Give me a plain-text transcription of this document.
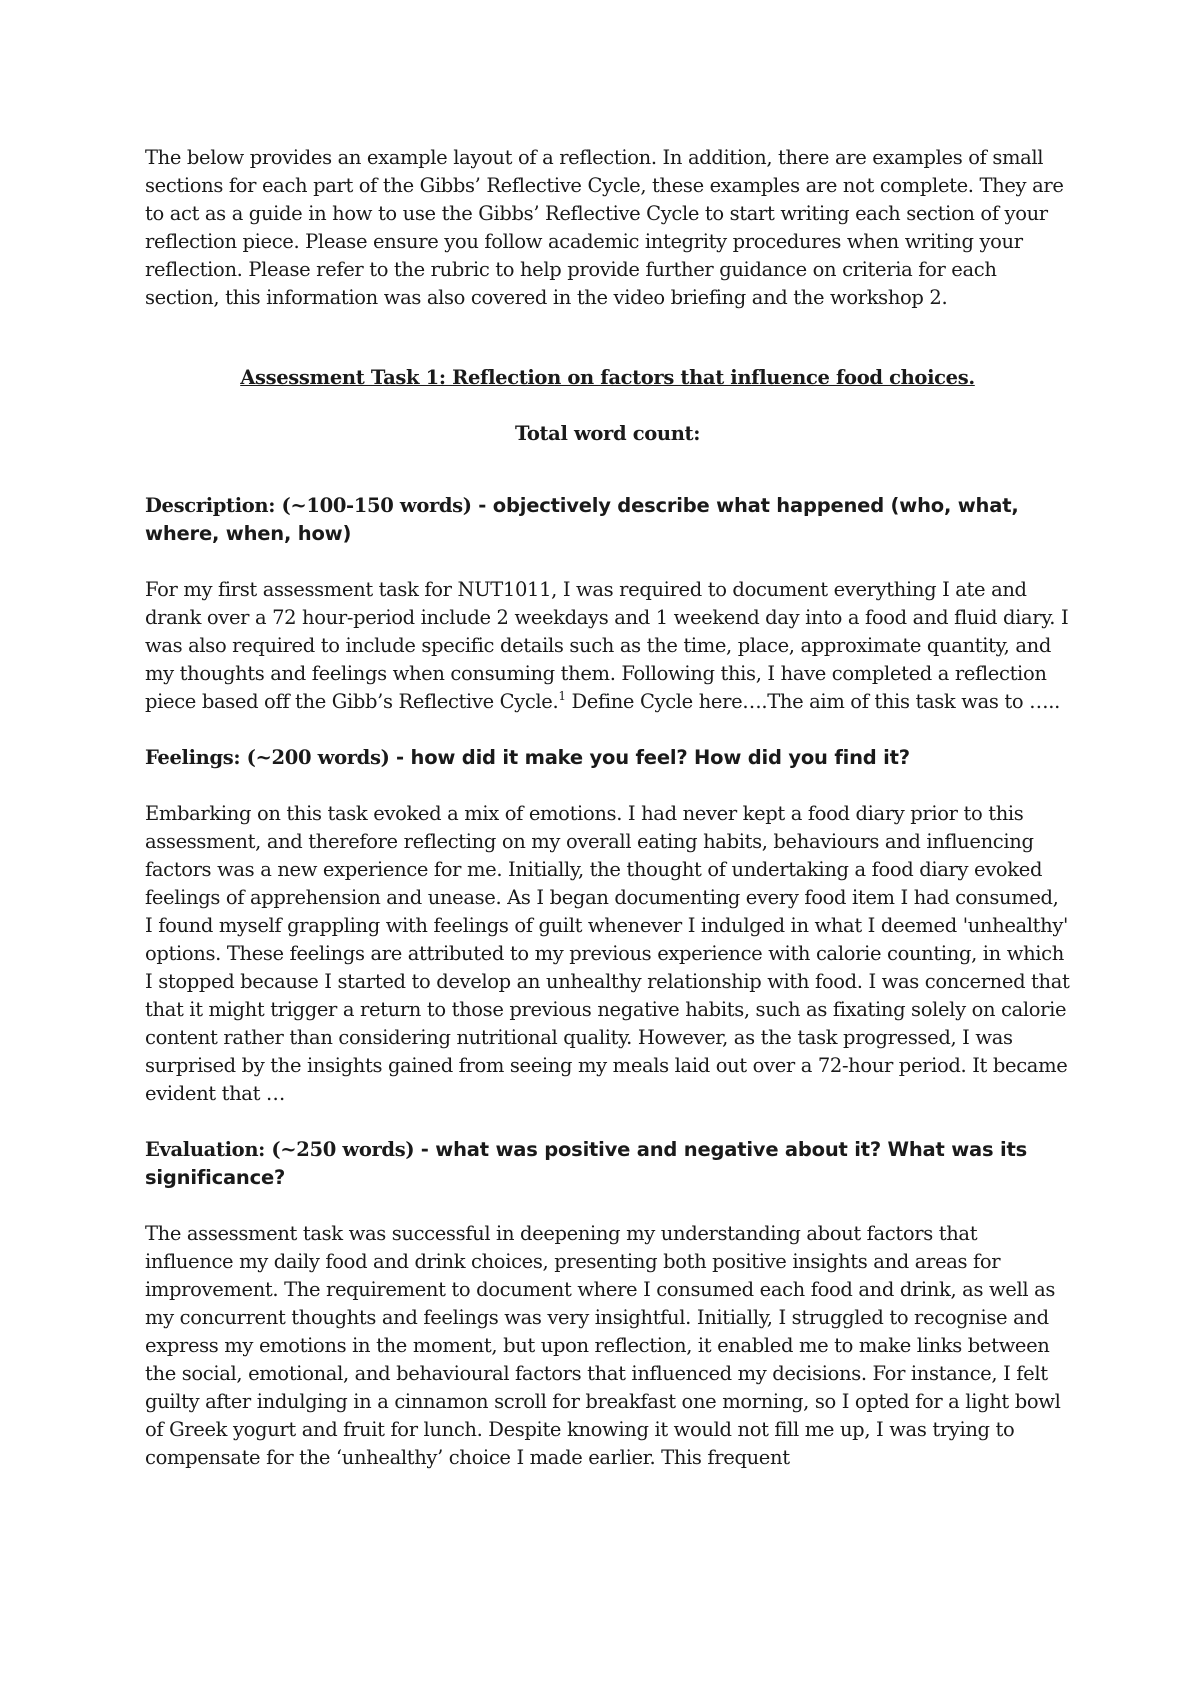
The below provides an example layout of a reflection. In addition, there are examples of small sections for each part of the Gibbs’ Reflective Cycle, these examples are not complete. They are to act as a guide in how to use the Gibbs’ Reflective Cycle to start writing each section of your reflection piece. Please ensure you follow academic integrity procedures when writing your reflection. Please refer to the rubric to help provide further guidance on criteria for each section, this information was also covered in the video briefing and the workshop 2.

Assessment Task 1: Reflection on factors that influence food choices.

Total word count:

Description: (~100-150 words) - objectively describe what happened (who, what, where, when, how)

For my first assessment task for NUT1011, I was required to document everything I ate and drank over a 72 hour-period include 2 weekdays and 1 weekend day into a food and fluid diary. I was also required to include specific details such as the time, place, approximate quantity, and my thoughts and feelings when consuming them. Following this, I have completed a reflection piece based off the Gibb’s Reflective Cycle.$^1$ Define Cycle here….The aim of this task was to …..

Feelings: (~200 words) - how did it make you feel? How did you find it?

Embarking on this task evoked a mix of emotions. I had never kept a food diary prior to this assessment, and therefore reflecting on my overall eating habits, behaviours and influencing factors was a new experience for me. Initially, the thought of undertaking a food diary evoked feelings of apprehension and unease. As I began documenting every food item I had consumed, I found myself grappling with feelings of guilt whenever I indulged in what I deemed 'unhealthy' options. These feelings are attributed to my previous experience with calorie counting, in which I stopped because I started to develop an unhealthy relationship with food. I was concerned that that it might trigger a return to those previous negative habits, such as fixating solely on calorie content rather than considering nutritional quality. However, as the task progressed, I was surprised by the insights gained from seeing my meals laid out over a 72-hour period. It became evident that …

Evaluation: (~250 words) - what was positive and negative about it? What was its significance?

The assessment task was successful in deepening my understanding about factors that influence my daily food and drink choices, presenting both positive insights and areas for improvement. The requirement to document where I consumed each food and drink, as well as my concurrent thoughts and feelings was very insightful. Initially, I struggled to recognise and express my emotions in the moment, but upon reflection, it enabled me to make links between the social, emotional, and behavioural factors that influenced my decisions. For instance, I felt guilty after indulging in a cinnamon scroll for breakfast one morning, so I opted for a light bowl of Greek yogurt and fruit for lunch. Despite knowing it would not fill me up, I was trying to compensate for the ‘unhealthy’ choice I made earlier. This frequent
